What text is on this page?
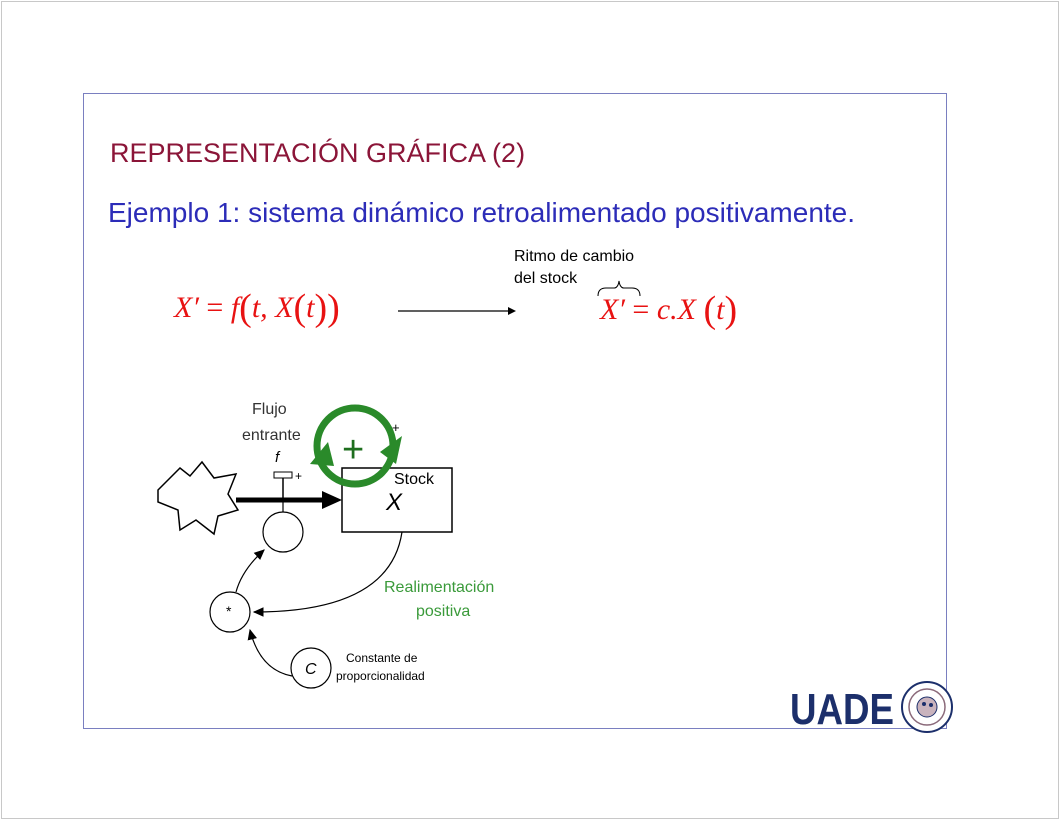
REPRESENTACIÓN GRÁFICA (2)
Ejemplo 1: sistema dinámico retroalimentado positivamente.
Ritmo de cambio
del stock
X′ = f(t, X(t))	X′ = c.X (t)
Stock
X
+
+
+
Flujo
entrante
f
*
Realimentación
positiva
C
Constante de
proporcionalidad
UADE
